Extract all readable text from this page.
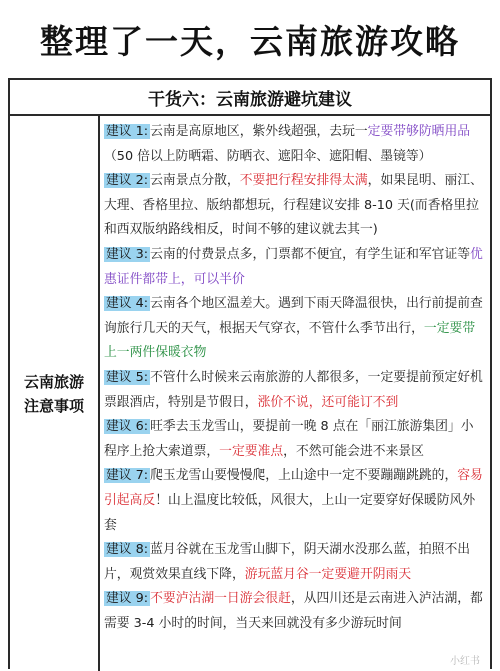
整理了一天，云南旅游攻略
干货六：云南旅游避坑建议
云南旅游
注意事项

建议 1: 云南是高原地区，紫外线超强，去玩一定要带够防晒用品（50 倍以上防晒霜、防晒衣、遮阳伞、遮阳帽、墨镜等）

建议 2: 云南景点分散，不要把行程安排得太满，如果昆明、丽江、大理、香格里拉、版纳都想玩，行程建议安排 8-10 天(而香格里拉和西双版纳路线相反，时间不够的建议就去其一)

建议 3: 云南的付费景点多，门票都不便宜，有学生证和军官证等优惠证件都带上，可以半价

建议 4: 云南各个地区温差大。遇到下雨天降温很快，出行前提前查询旅行几天的天气，根据天气穿衣，不管什么季节出行，一定要带上一两件保暖衣物

建议 5: 不管什么时候来云南旅游的人都很多，一定要提前预定好机票跟酒店，特别是节假日，涨价不说，还可能订不到

建议 6: 旺季去玉龙雪山，要提前一晚 8 点在「丽江旅游集团」小程序上抢大索道票，一定要准点，不然可能会进不来景区

建议 7: 爬玉龙雪山要慢慢爬，上山途中一定不要蹦蹦跳跳的，容易引起高反！山上温度比较低，风很大，上山一定要穿好保暖防风外套

建议 8: 蓝月谷就在玉龙雪山脚下，阴天湖水没那么蓝，拍照不出片，观赏效果直线下降，游玩蓝月谷一定要避开阴雨天

建议 9: 不要泸沽湖一日游会很赶，从四川还是云南进入泸沽湖，都需要 3-4 小时的时间，当天来回就没有多少游玩时间

小红书
